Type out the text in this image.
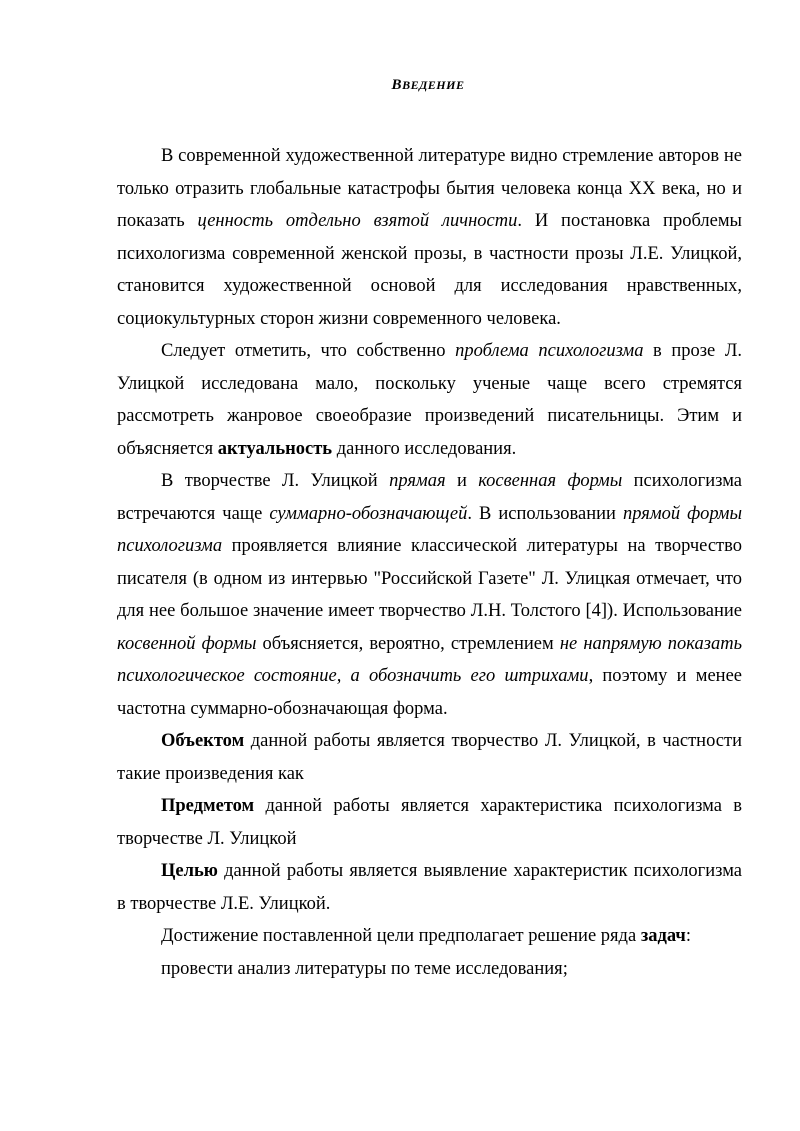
ВВЕДЕНИЕ

В современной художественной литературе видно стремление авторов не только отразить глобальные катастрофы бытия человека конца XX века, но и показать ценность отдельно взятой личности. И постановка проблемы психологизма современной женской прозы, в частности прозы Л.Е. Улицкой, становится художественной основой для исследования нравственных, социокультурных сторон жизни современного человека.

Следует отметить, что собственно проблема психологизма в прозе Л. Улицкой исследована мало, поскольку ученые чаще всего стремятся рассмотреть жанровое своеобразие произведений писательницы. Этим и объясняется актуальность данного исследования.

В творчестве Л. Улицкой прямая и косвенная формы психологизма встречаются чаще суммарно-обозначающей. В использовании прямой формы психологизма проявляется влияние классической литературы на творчество писателя (в одном из интервью "Российской Газете" Л. Улицкая отмечает, что для нее большое значение имеет творчество Л.Н. Толстого [4]). Использование косвенной формы объясняется, вероятно, стремлением не напрямую показать психологическое состояние, а обозначить его штрихами, поэтому и менее частотна суммарно-обозначающая форма.

Объектом данной работы является творчество Л. Улицкой, в частности такие произведения как

Предметом данной работы является характеристика психологизма в творчестве Л. Улицкой

Целью данной работы является выявление характеристик психологизма в творчестве Л.Е. Улицкой.

Достижение поставленной цели предполагает решение ряда задач:

провести анализ литературы по теме исследования;
